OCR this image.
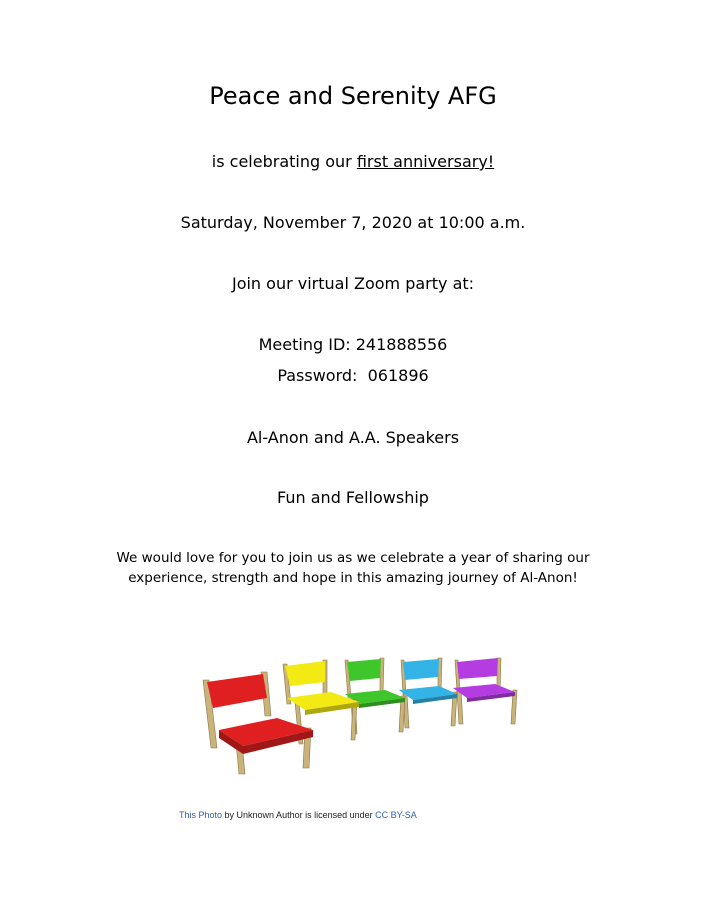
Peace and Serenity AFG
is celebrating our first anniversary!
Saturday, November 7, 2020 at 10:00 a.m.
Join our virtual Zoom party at:
Meeting ID: 241888556
Password:  061896
Al-Anon and A.A. Speakers
Fun and Fellowship
We would love for you to join us as we celebrate a year of sharing our experience, strength and hope in this amazing journey of Al-Anon!
This Photo by Unknown Author is licensed under CC BY-SA
